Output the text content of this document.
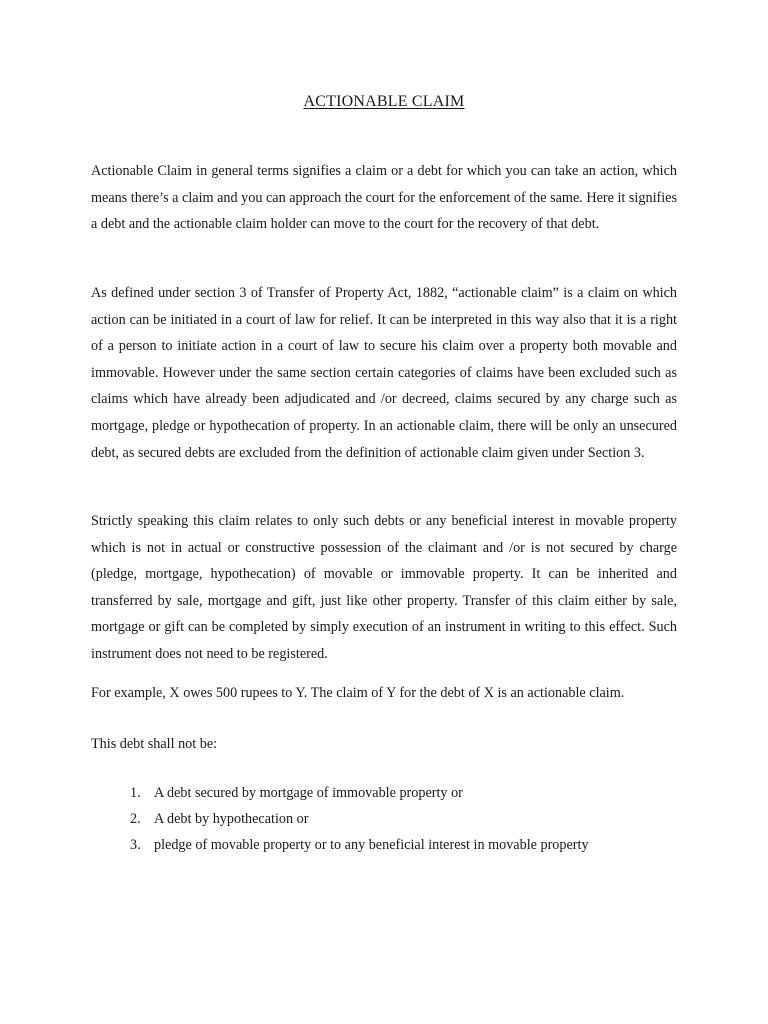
ACTIONABLE CLAIM

Actionable Claim in general terms signifies a claim or a debt for which you can take an action, which means there’s a claim and you can approach the court for the enforcement of the same. Here it signifies a debt and the actionable claim holder can move to the court for the recovery of that debt.

As defined under section 3 of Transfer of Property Act, 1882, “actionable claim” is a claim on which action can be initiated in a court of law for relief. It can be interpreted in this way also that it is a right of a person to initiate action in a court of law to secure his claim over a property both movable and immovable. However under the same section certain categories of claims have been excluded such as claims which have already been adjudicated and /or decreed, claims secured by any charge such as mortgage, pledge or hypothecation of property. In an actionable claim, there will be only an unsecured debt, as secured debts are excluded from the definition of actionable claim given under Section 3.

Strictly speaking this claim relates to only such debts or any beneficial interest in movable property which is not in actual or constructive possession of the claimant and /or is not secured by charge (pledge, mortgage, hypothecation) of movable or immovable property. It can be inherited and transferred by sale, mortgage and gift, just like other property. Transfer of this claim either by sale, mortgage or gift can be completed by simply execution of an instrument in writing to this effect. Such instrument does not need to be registered.

For example, X owes 500 rupees to Y. The claim of Y for the debt of X is an actionable claim.

This debt shall not be:

1. A debt secured by mortgage of immovable property or
2. A debt by hypothecation or
3. pledge of movable property or to any beneficial interest in movable property
